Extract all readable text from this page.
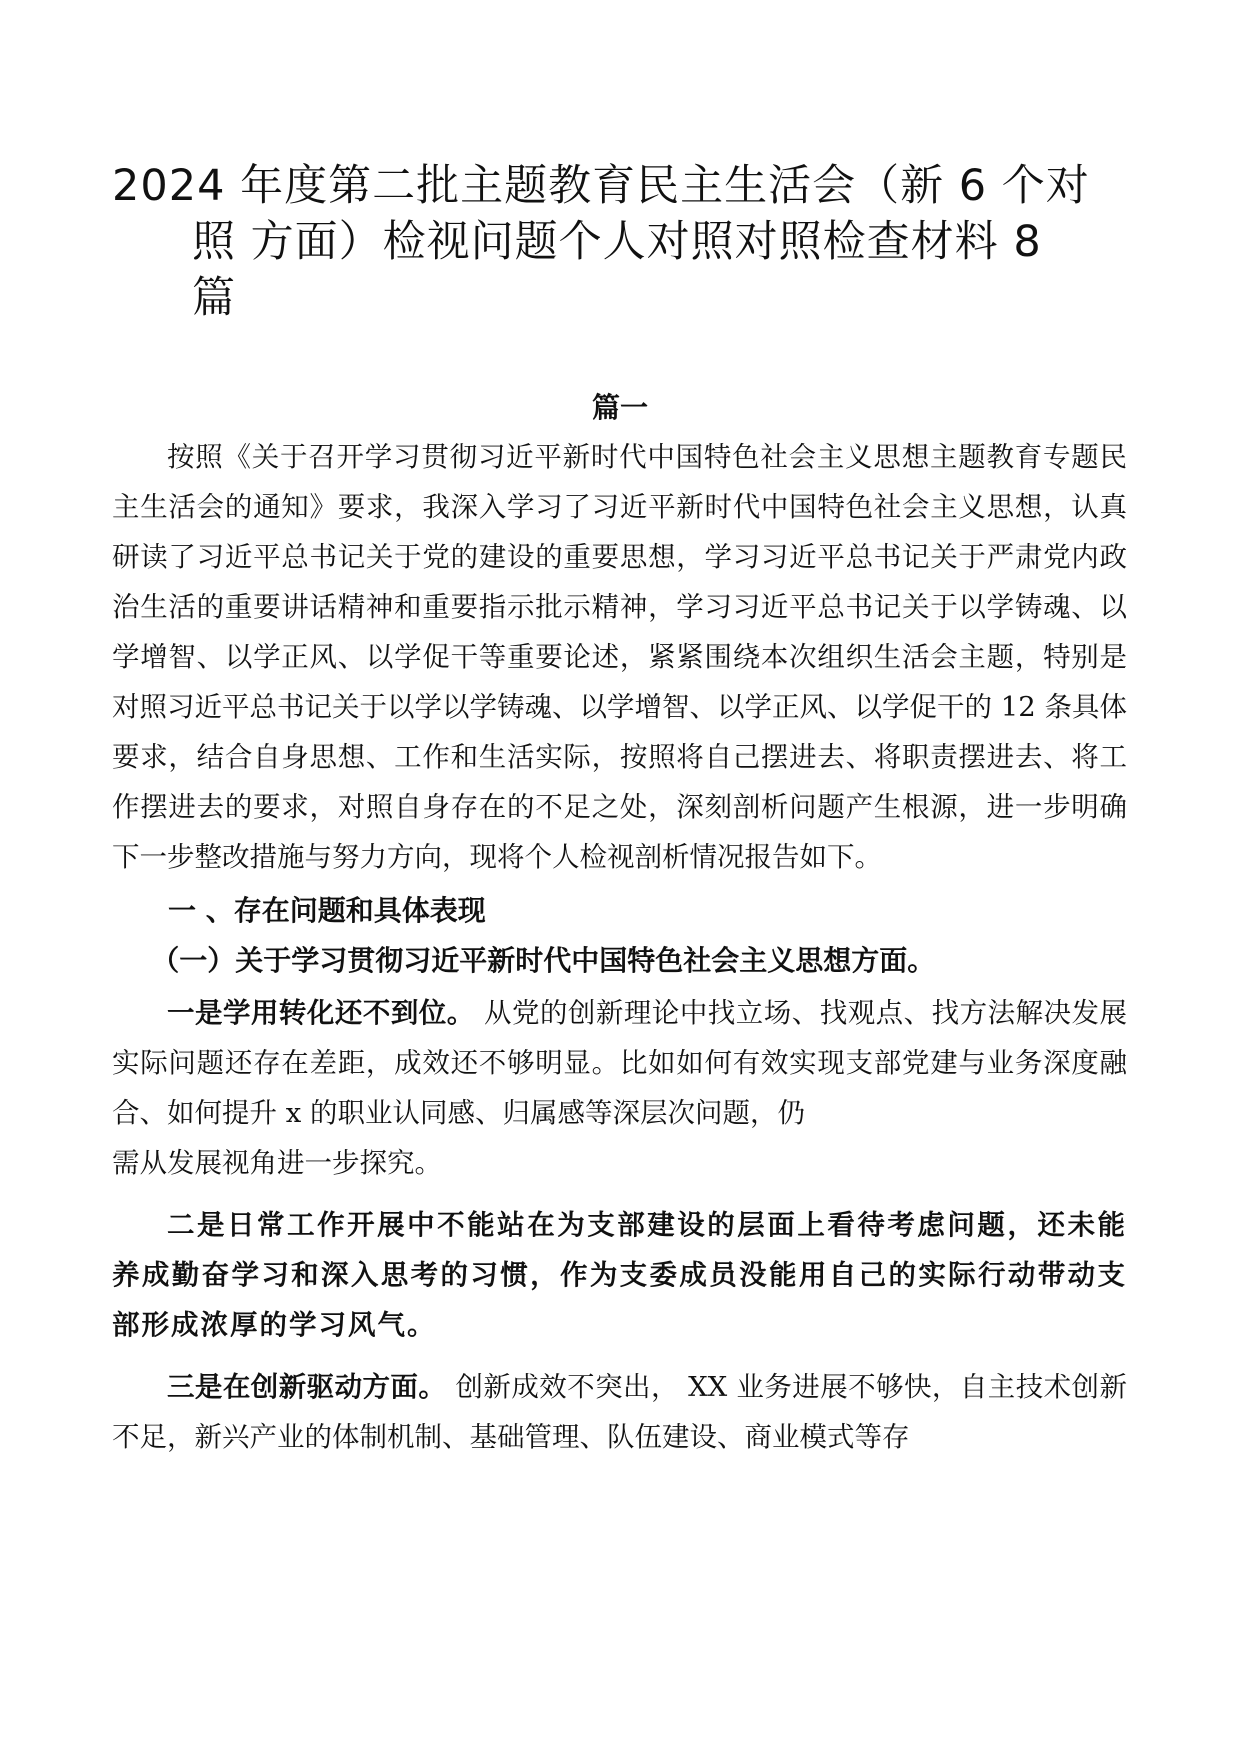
2024 年度第二批主题教育民主生活会（新 6 个对
照 方面）检视问题个人对照对照检查材料 8
篇
篇一

按照《关于召开学习贯彻习近平新时代中国特色社会主义思想主题教育专题民主生活会的通知》要求，我深入学习了习近平新时代中国特色社会主义思想，认真研读了习近平总书记关于党的建设的重要思想，学习习近平总书记关于严肃党内政治生活的重要讲话精神和重要指示批示精神，学习习近平总书记关于以学铸魂、以学增智、以学正风、以学促干等重要论述，紧紧围绕本次组织生活会主题，特别是对照习近平总书记关于以学以学铸魂、以学增智、以学正风、以学促干的 12 条具体要求，结合自身思想、工作和生活实际，按照将自己摆进去、将职责摆进去、将工作摆进去的要求，对照自身存在的不足之处，深刻剖析问题产生根源，进一步明确下一步整改措施与努力方向，现将个人检视剖析情况报告如下。

一 、存在问题和具体表现

（一）关于学习贯彻习近平新时代中国特色社会主义思想方面。

一是学用转化还不到位。 从党的创新理论中找立场、找观点、找方法解决发展实际问题还存在差距，成效还不够明显。比如如何有效实现支部党建与业务深度融合、如何提升 x 的职业认同感、归属感等深层次问题，仍

需从发展视角进一步探究。

二是日常工作开展中不能站在为支部建设的层面上看待考虑问题，还未能养成勤奋学习和深入思考的习惯，作为支委成员没能用自己的实际行动带动支部形成浓厚的学习风气。

三是在创新驱动方面。 创新成效不突出， XX 业务进展不够快，自主技术创新不足，新兴产业的体制机制、基础管理、队伍建设、商业模式等存
